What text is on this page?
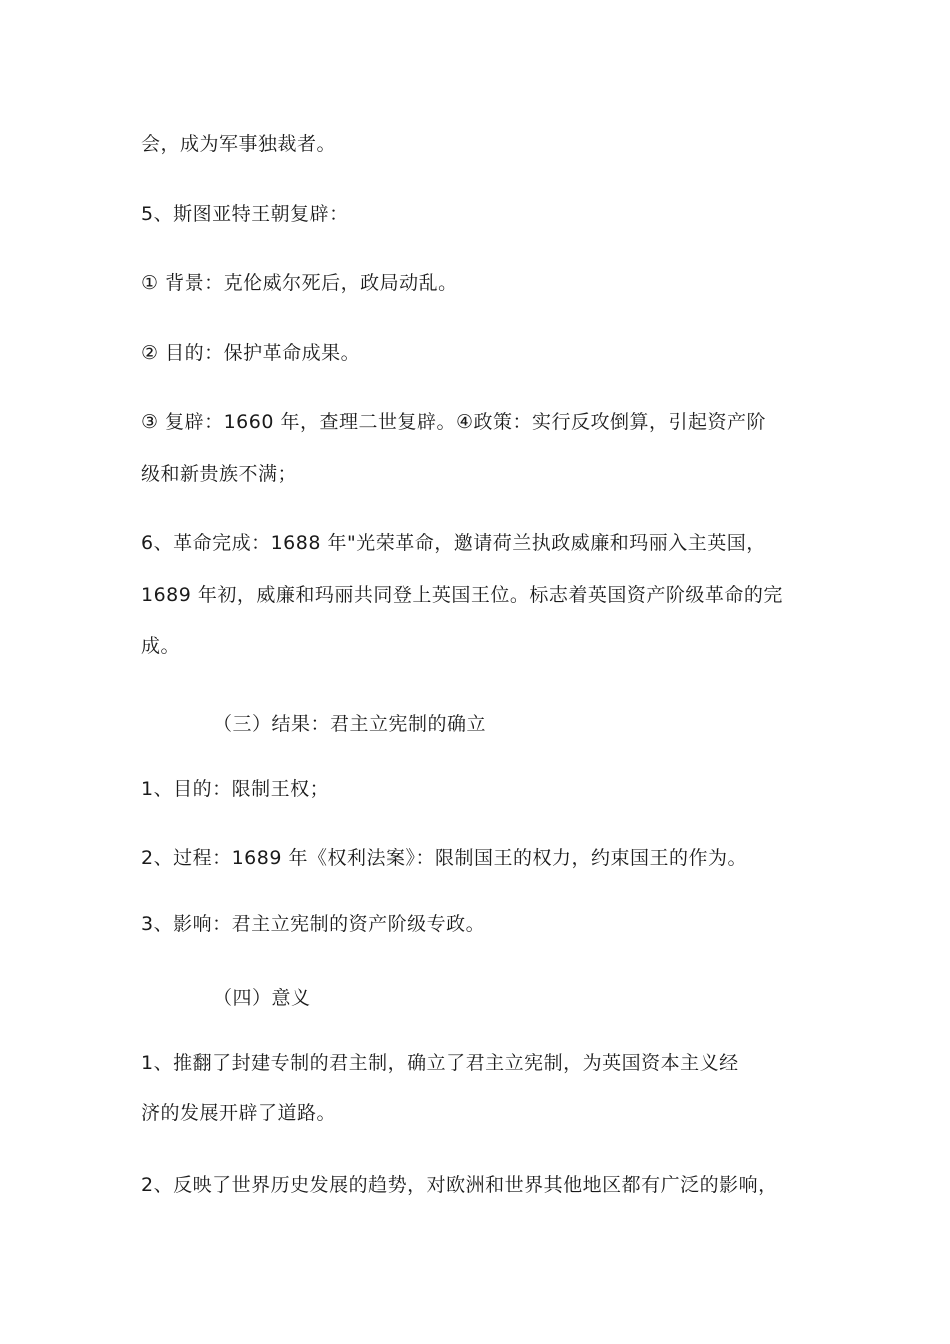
会，成为军事独裁者。
5、斯图亚特王朝复辟：
① 背景：克伦威尔死后，政局动乱。
② 目的：保护革命成果。
③ 复辟：1660 年，查理二世复辟。④政策：实行反攻倒算，引起资产阶
级和新贵族不满；
6、革命完成：1688 年"光荣革命，邀请荷兰执政威廉和玛丽入主英国，
1689 年初，威廉和玛丽共同登上英国王位。标志着英国资产阶级革命的完
成。
（三）结果：君主立宪制的确立
1、目的：限制王权；
2、过程：1689 年《权利法案》：限制国王的权力，约束国王的作为。
3、影响：君主立宪制的资产阶级专政。
（四）意义
1、推翻了封建专制的君主制，确立了君主立宪制，为英国资本主义经
济的发展开辟了道路。
2、反映了世界历史发展的趋势，对欧洲和世界其他地区都有广泛的影响，
